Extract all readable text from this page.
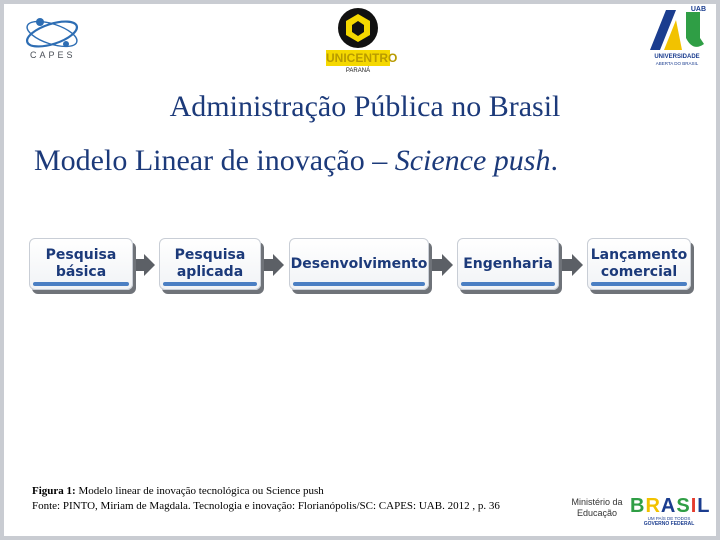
CAPES	UNICENTRO
PARANÁ
UAB
UNIVERSIDADE
ABERTA DO BRASIL
Administração Pública no Brasil
Modelo Linear de inovação – Science push.
Pesquisa básica
Pesquisa aplicada
Desenvolvimento	Engenharia
Lançamento comercial
Figura 1: Modelo linear de inovação tecnológica ou Science push
Fonte: PINTO, Miriam de Magdala. Tecnologia e inovação: Florianópolis/SC: CAPES: UAB. 2012 , p. 36	Ministério da Educação BRASIL
UM PAÍS DE TODOS
GOVERNO FEDERAL
